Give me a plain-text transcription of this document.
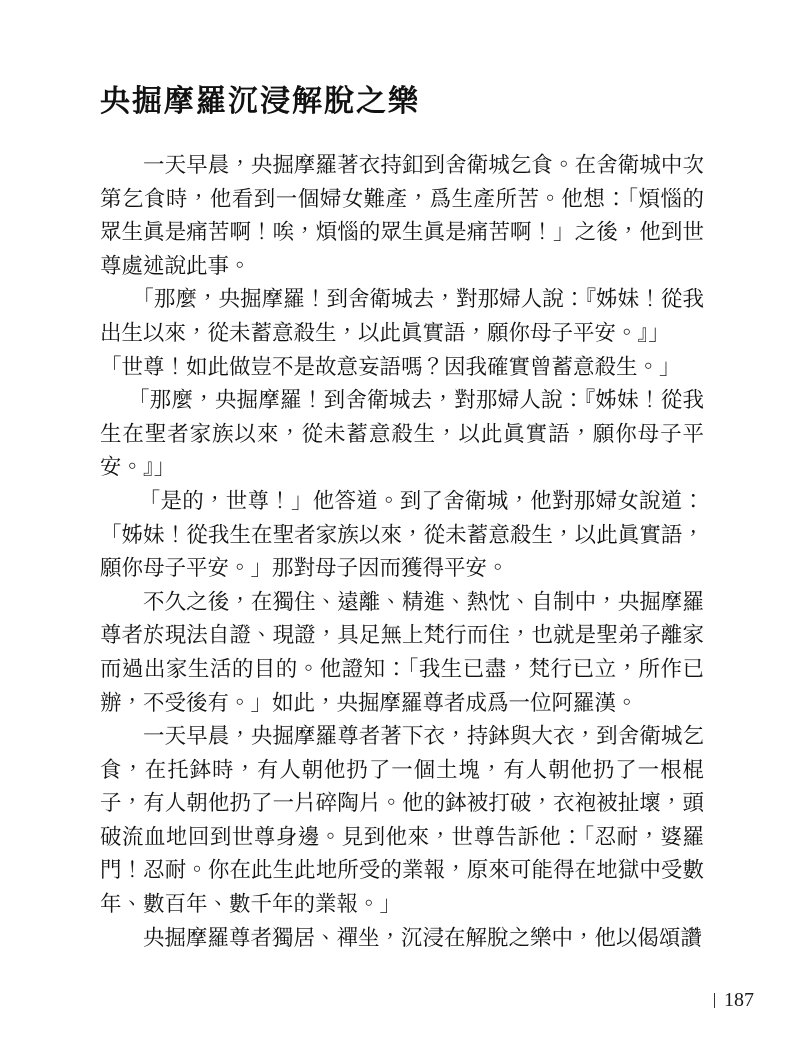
央掘摩羅沉浸解脫之樂

一天早晨，央掘摩羅著衣持釦到舍衛城乞食。在舍衛城中次第乞食時，他看到一個婦女難產，爲生產所苦。他想：「煩惱的眾生眞是痛苦啊！唉，煩惱的眾生眞是痛苦啊！」之後，他到世尊處述說此事。

「那麼，央掘摩羅！到舍衛城去，對那婦人說：『姊妹！從我出生以來，從未蓄意殺生，以此眞實語，願你母子平安。』」

「世尊！如此做豈不是故意妄語嗎？因我確實曾蓄意殺生。」

「那麼，央掘摩羅！到舍衛城去，對那婦人說：『姊妹！從我生在聖者家族以來，從未蓄意殺生，以此眞實語，願你母子平安。』」

「是的，世尊！」他答道。到了舍衛城，他對那婦女說道：「姊妹！從我生在聖者家族以來，從未蓄意殺生，以此眞實語，願你母子平安。」那對母子因而獲得平安。

不久之後，在獨住、遠離、精進、熱忱、自制中，央掘摩羅尊者於現法自證、現證，具足無上梵行而住，也就是聖弟子離家而過出家生活的目的。他證知：「我生已盡，梵行已立，所作已辦，不受後有。」如此，央掘摩羅尊者成爲一位阿羅漢。

一天早晨，央掘摩羅尊者著下衣，持鉢與大衣，到舍衛城乞食，在托鉢時，有人朝他扔了一個土塊，有人朝他扔了一根棍子，有人朝他扔了一片碎陶片。他的鉢被打破，衣袍被扯壞，頭破流血地回到世尊身邊。見到他來，世尊告訴他：「忍耐，婆羅門！忍耐。你在此生此地所受的業報，原來可能得在地獄中受數年、數百年、數千年的業報。」

央掘摩羅尊者獨居、禪坐，沉浸在解脫之樂中，他以偈頌讚

187
